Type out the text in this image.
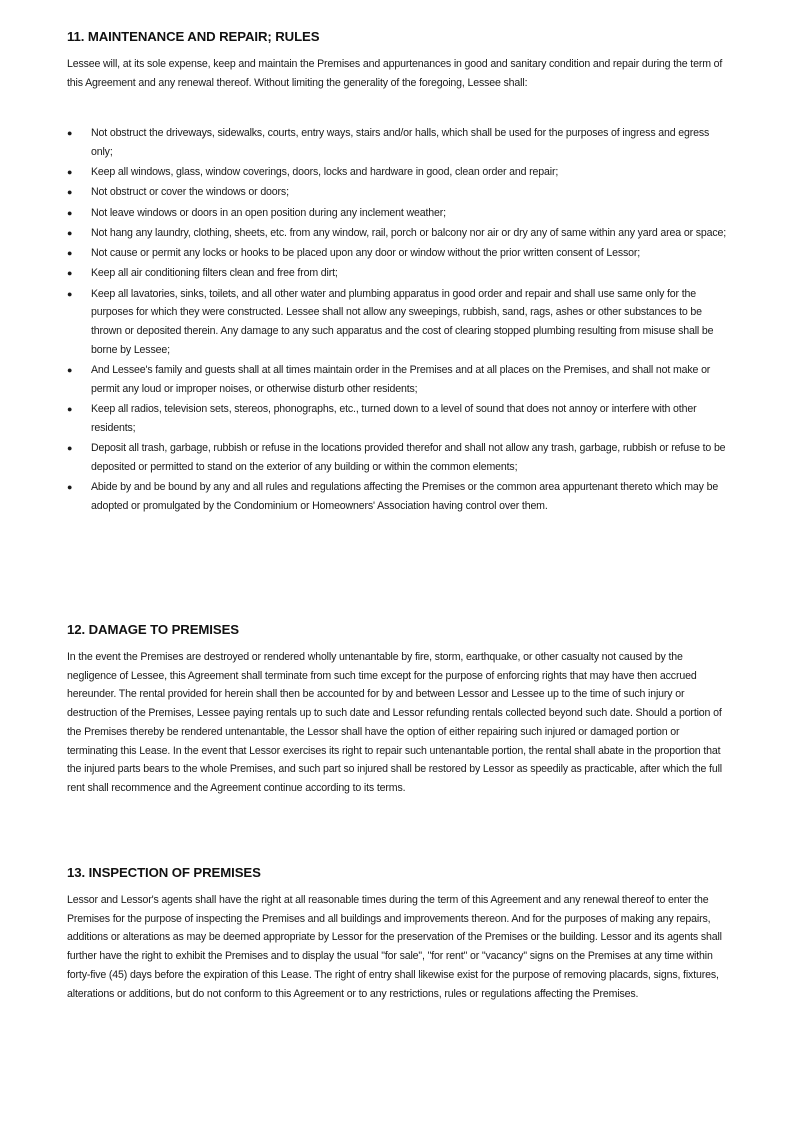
11. MAINTENANCE AND REPAIR; RULES

Lessee will, at its sole expense, keep and maintain the Premises and appurtenances in good and sanitary condition and repair during the term of this Agreement and any renewal thereof. Without limiting the generality of the foregoing, Lessee shall:

●	Not obstruct the driveways, sidewalks, courts, entry ways, stairs and/or halls, which shall be used for the purposes of ingress and egress only;
●	Keep all windows, glass, window coverings, doors, locks and hardware in good, clean order and repair;
●	Not obstruct or cover the windows or doors;
●	Not leave windows or doors in an open position during any inclement weather;
●	Not hang any laundry, clothing, sheets, etc. from any window, rail, porch or balcony nor air or dry any of same within any yard area or space;
●	Not cause or permit any locks or hooks to be placed upon any door or window without the prior written consent of Lessor;
●	Keep all air conditioning filters clean and free from dirt;
●	Keep all lavatories, sinks, toilets, and all other water and plumbing apparatus in good order and repair and shall use same only for the purposes for which they were constructed. Lessee shall not allow any sweepings, rubbish, sand, rags, ashes or other substances to be thrown or deposited therein. Any damage to any such apparatus and the cost of clearing stopped plumbing resulting from misuse shall be borne by Lessee;
●	And Lessee's family and guests shall at all times maintain order in the Premises and at all places on the Premises, and shall not make or permit any loud or improper noises, or otherwise disturb other residents;
●	Keep all radios, television sets, stereos, phonographs, etc., turned down to a level of sound that does not annoy or interfere with other residents;
●	Deposit all trash, garbage, rubbish or refuse in the locations provided therefor and shall not allow any trash, garbage, rubbish or refuse to be deposited or permitted to stand on the exterior of any building or within the common elements;
●	Abide by and be bound by any and all rules and regulations affecting the Premises or the common area appurtenant thereto which may be adopted or promulgated by the Condominium or Homeowners' Association having control over them.
12. DAMAGE TO PREMISES

In the event the Premises are destroyed or rendered wholly untenantable by fire, storm, earthquake, or other casualty not caused by the negligence of Lessee, this Agreement shall terminate from such time except for the purpose of enforcing rights that may have then accrued hereunder. The rental provided for herein shall then be accounted for by and between Lessor and Lessee up to the time of such injury or destruction of the Premises, Lessee paying rentals up to such date and Lessor refunding rentals collected beyond such date. Should a portion of the Premises thereby be rendered untenantable, the Lessor shall have the option of either repairing such injured or damaged portion or terminating this Lease. In the event that Lessor exercises its right to repair such untenantable portion, the rental shall abate in the proportion that the injured parts bears to the whole Premises, and such part so injured shall be restored by Lessor as speedily as practicable, after which the full rent shall recommence and the Agreement continue according to its terms.

13. INSPECTION OF PREMISES

Lessor and Lessor's agents shall have the right at all reasonable times during the term of this Agreement and any renewal thereof to enter the Premises for the purpose of inspecting the Premises and all buildings and improvements thereon. And for the purposes of making any repairs, additions or alterations as may be deemed appropriate by Lessor for the preservation of the Premises or the building. Lessor and its agents shall further have the right to exhibit the Premises and to display the usual "for sale", "for rent" or "vacancy" signs on the Premises at any time within forty-five (45) days before the expiration of this Lease. The right of entry shall likewise exist for the purpose of removing placards, signs, fixtures, alterations or additions, but do not conform to this Agreement or to any restrictions, rules or regulations affecting the Premises.
